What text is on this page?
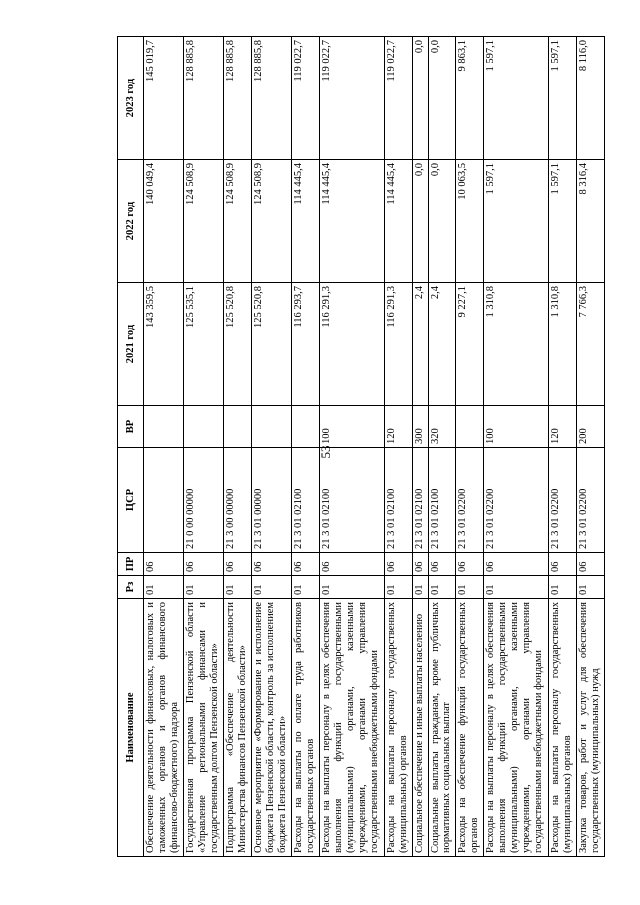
53
Наименование	Рз	ПР	ЦСР	ВР	2021 год	2022 год	2023 год
Обеспечение деятельности финансовых, налоговых и таможенных органов и органов финансового (финансово-бюджетного) надзора	01	06			143 359,5	140 049,4	145 019,7
Государственная программа Пензенской области «Управление региональными финансами и государственным долгом Пензенской области»	01	06	21 0 00 00000		125 535,1	124 508,9	128 885,8
Подпрограмма «Обеспечение деятельности Министерства финансов Пензенской области»	01	06	21 3 00 00000		125 520,8	124 508,9	128 885,8
Основное мероприятие «Формирование и исполнение бюджета Пензенской области, контроль за исполнением бюджета Пензенской области»	01	06	21 3 01 00000		125 520,8	124 508,9	128 885,8
Расходы на выплаты по оплате труда работников государственных органов	01	06	21 3 01 02100		116 293,7	114 445,4	119 022,7
Расходы на выплаты персоналу в целях обеспечения выполнения функций государственными (муниципальными) органами, казенными учреждениями, органами управления государственными внебюджетными фондами	01	06	21 3 01 02100	100	116 291,3	114 445,4	119 022,7
Расходы на выплаты персоналу государственных (муниципальных) органов	01	06	21 3 01 02100	120	116 291,3	114 445,4	119 022,7
Социальное обеспечение и иные выплаты населению	01	06	21 3 01 02100	300	2,4	0,0	0,0
Социальные выплаты гражданам, кроме публичных нормативных социальных выплат	01	06	21 3 01 02100	320	2,4	0,0	0,0
Расходы на обеспечение функций государственных органов	01	06	21 3 01 02200		9 227,1	10 063,5	9 863,1
Расходы на выплаты персоналу в целях обеспечения выполнения функций государственными (муниципальными) органами, казенными учреждениями, органами управления государственными внебюджетными фондами	01	06	21 3 01 02200	100	1 310,8	1 597,1	1 597,1
Расходы на выплаты персоналу государственных (муниципальных) органов	01	06	21 3 01 02200	120	1 310,8	1 597,1	1 597,1
Закупка товаров, работ и услуг для обеспечения государственных (муниципальных) нужд	01	06	21 3 01 02200	200	7 766,3	8 316,4	8 116,0
